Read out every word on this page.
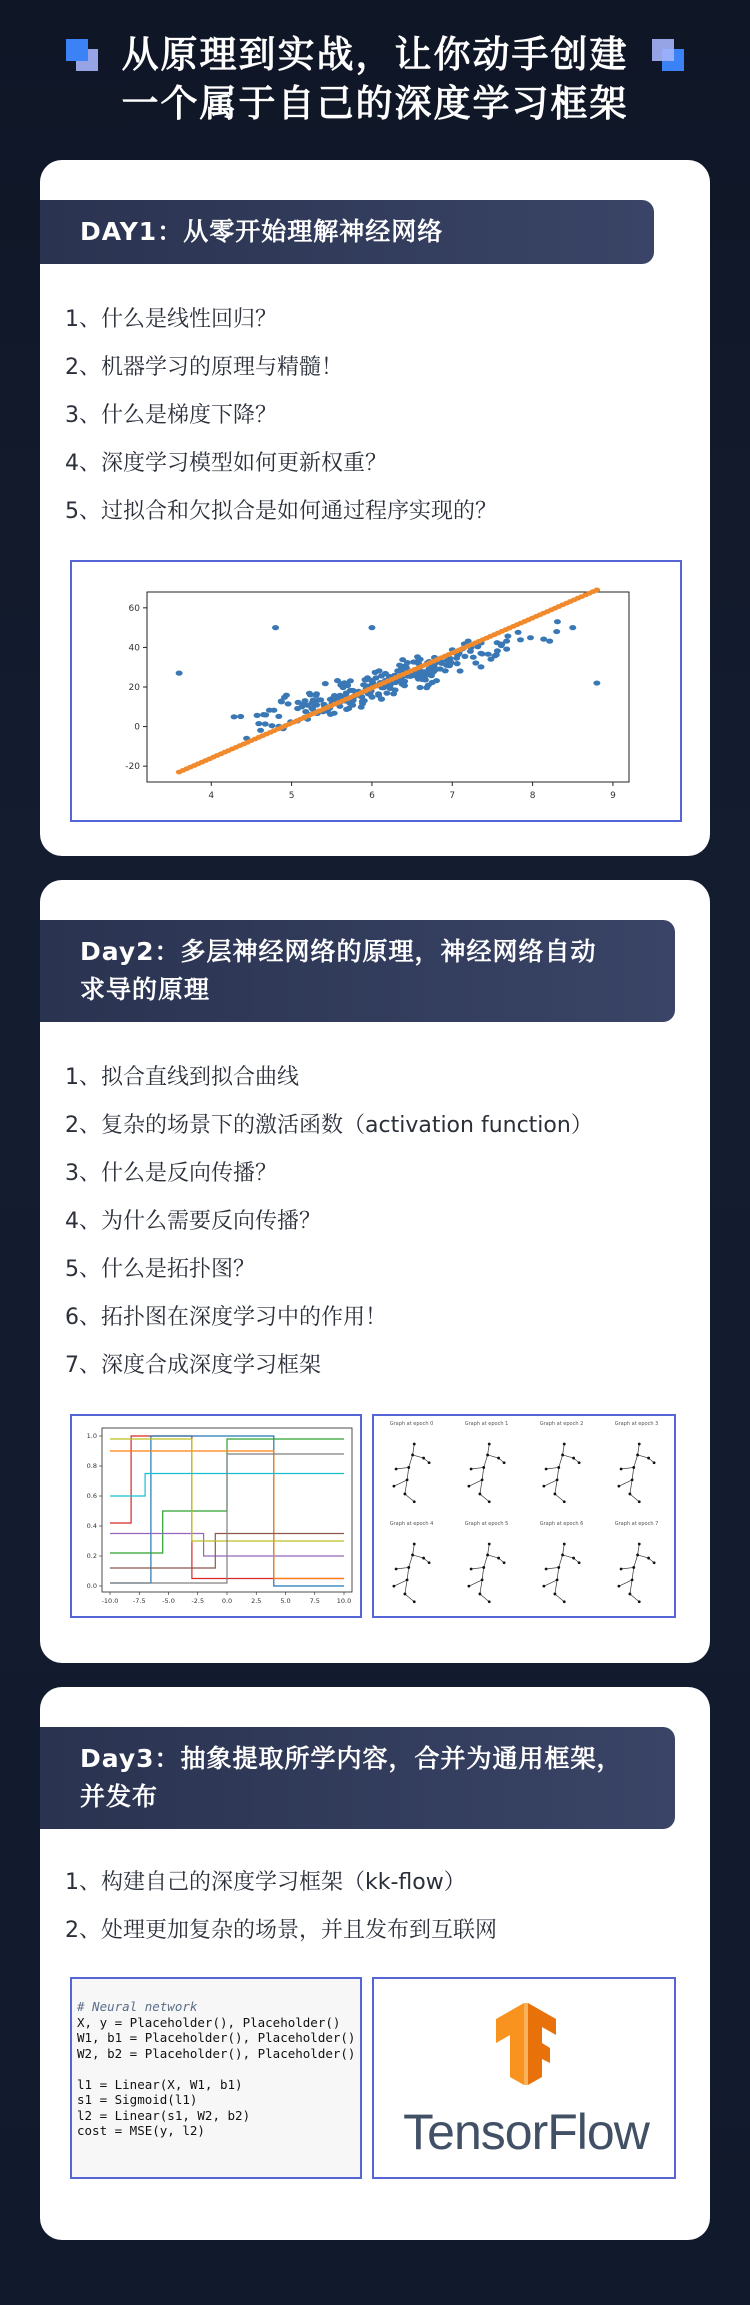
从原理到实战，让你动手创建
一个属于自己的深度学习框架
DAY1：从零开始理解神经网络
1、什么是线性回归？
2、机器学习的原理与精髓！
3、什么是梯度下降？
4、深度学习模型如何更新权重？
5、过拟合和欠拟合是如何通过程序实现的？
4	5	6	7	8	9
60
40
20
0
-20
Day2：多层神经网络的原理，神经网络自动
求导的原理
1、拟合直线到拟合曲线
2、复杂的场景下的激活函数（activation function）
3、什么是反向传播？
4、为什么需要反向传播？
5、什么是拓扑图？
6、拓扑图在深度学习中的作用！
7、深度合成深度学习框架
-10.0 -7.5	-5.0	-2.5	0.0	2.5	5.0	7.5	10.0
1.0
0.8
0.6
0.4
0.2
0.0
Graph at epoch 0	Graph at epoch 1	Graph at epoch 2	Graph at epoch 3
Graph at epoch 4	Graph at epoch 5	Graph at epoch 6	Graph at epoch 7
Day3：抽象提取所学内容，合并为通用框架，
并发布
1、构建自己的深度学习框架（kk-flow）
2、处理更加复杂的场景，并且发布到互联网
# Neural network
X, y = Placeholder(), Placeholder()
W1, b1 = Placeholder(), Placeholder()
W2, b2 = Placeholder(), Placeholder()

l1 = Linear(X, W1, b1)
s1 = Sigmoid(l1)
l2 = Linear(s1, W2, b2)
cost = MSE(y, l2)	TensorFlow
